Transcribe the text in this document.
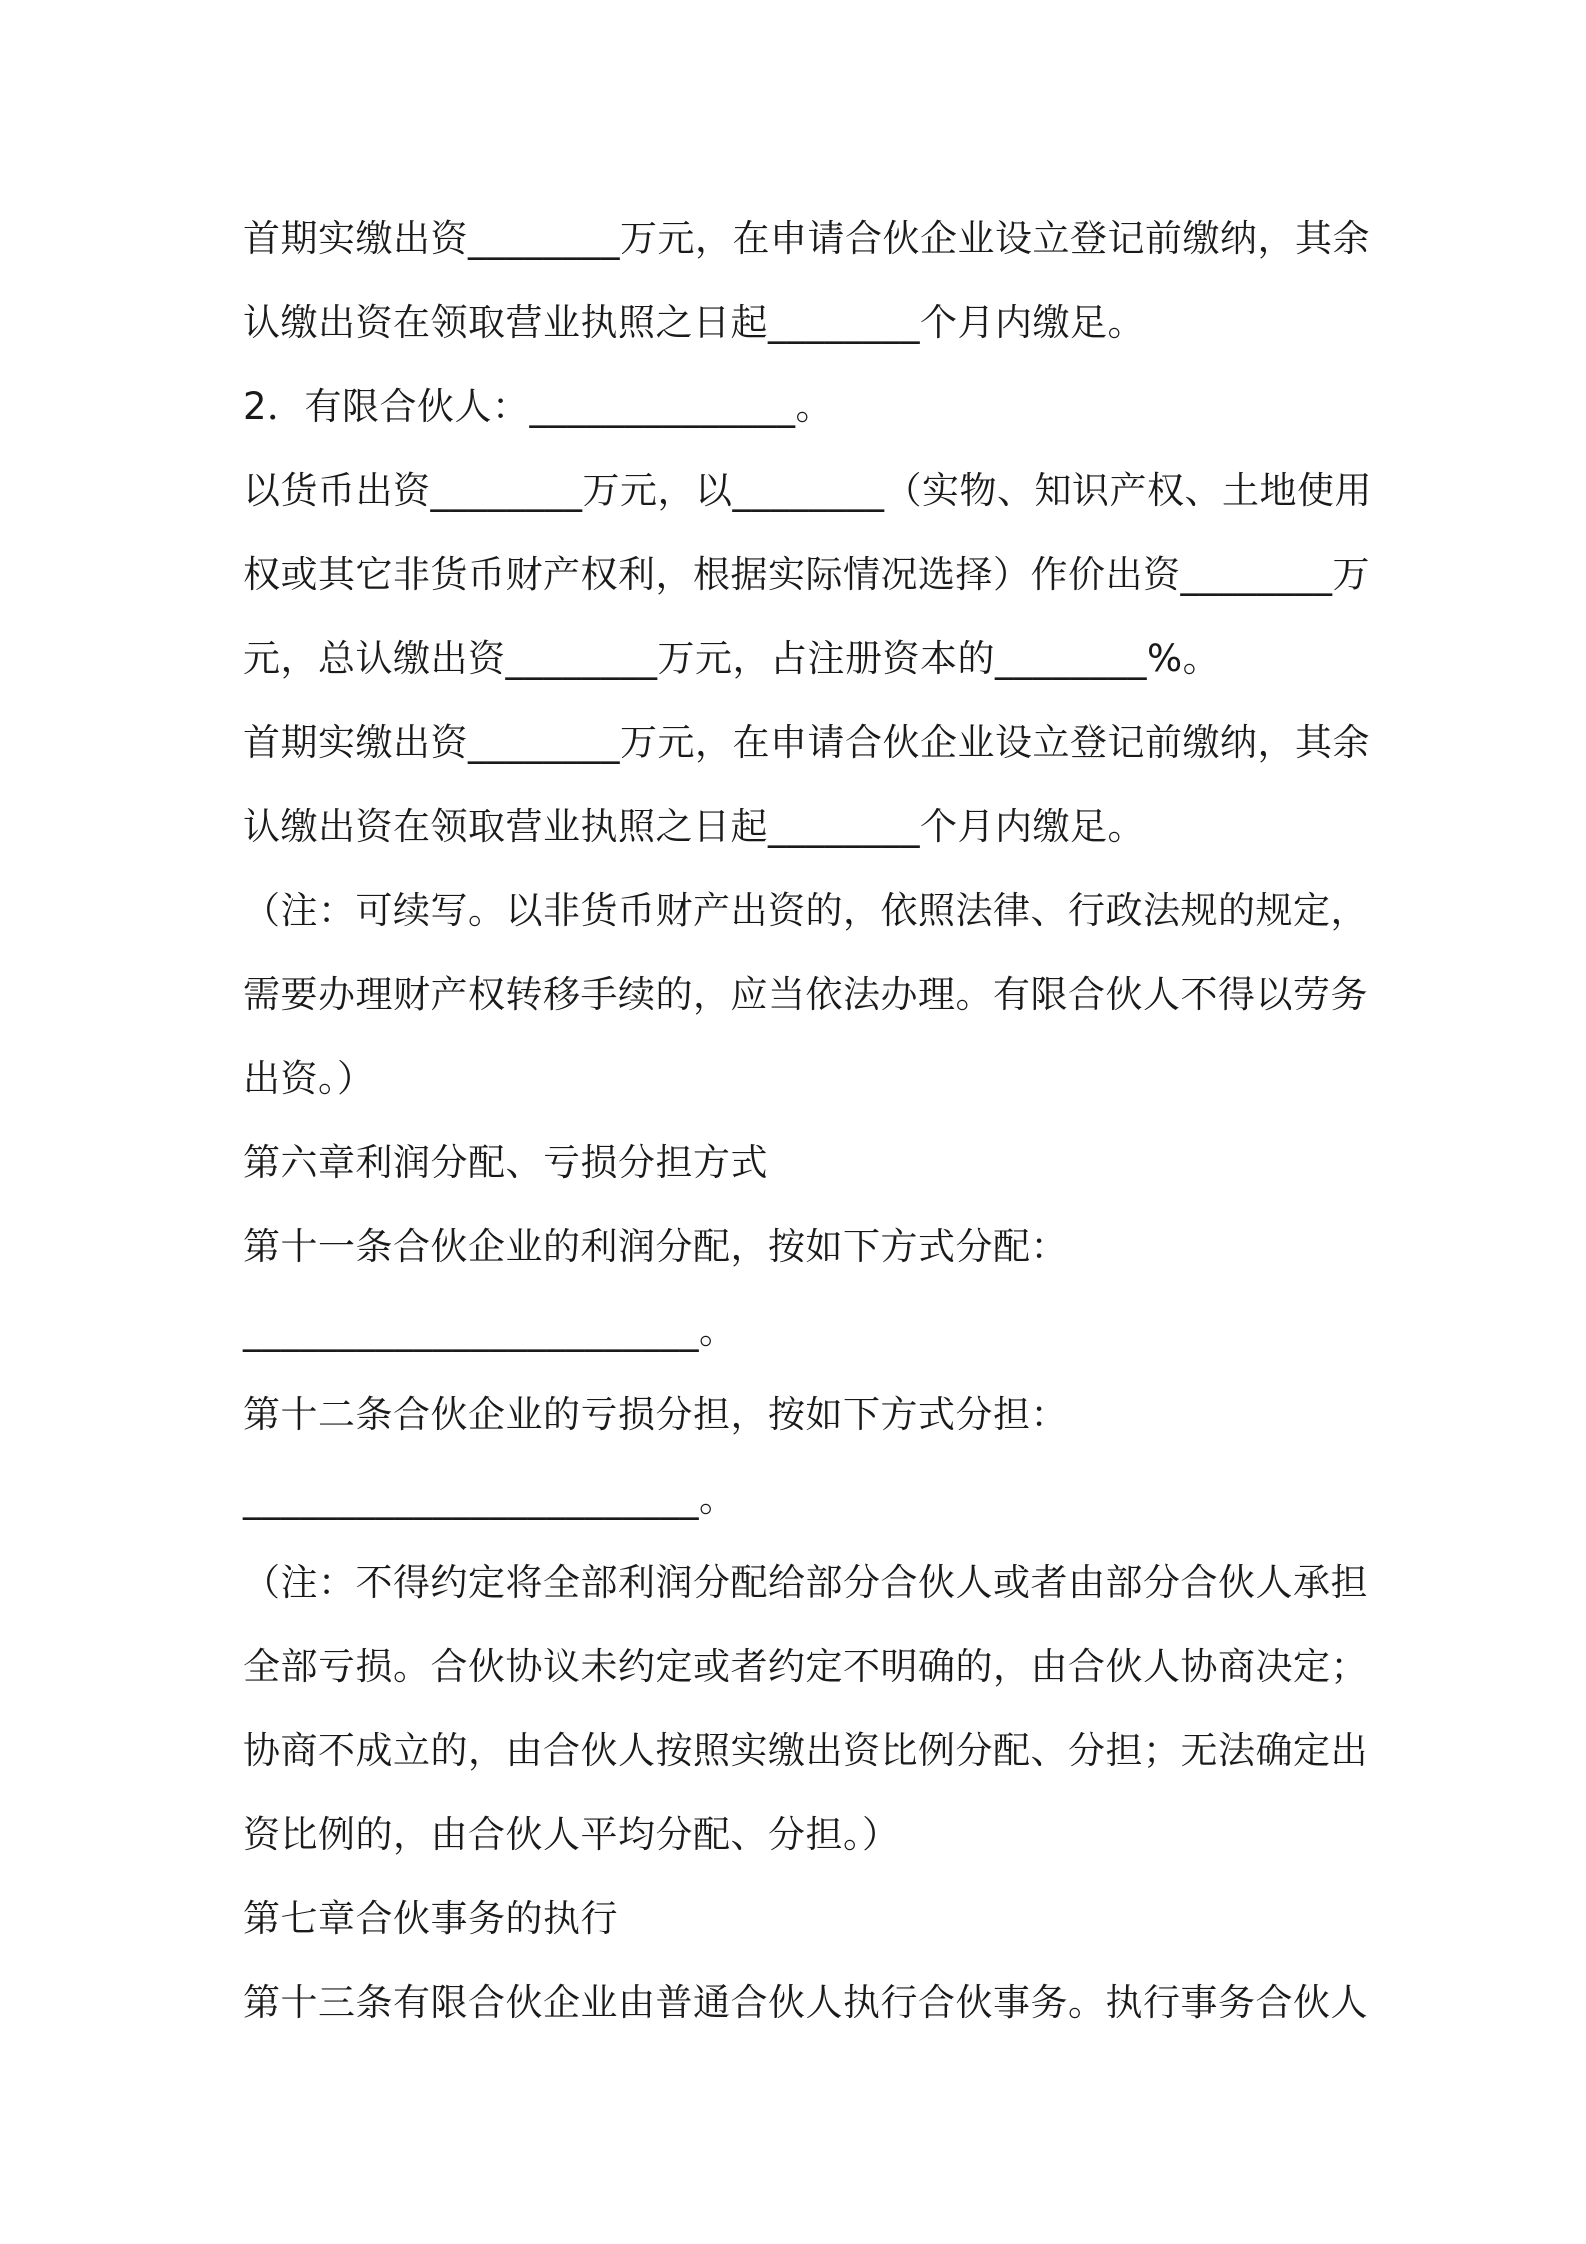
首期实缴出资________万元，在申请合伙企业设立登记前缴纳，其余
认缴出资在领取营业执照之日起________个月内缴足。
2．有限合伙人：______________。
以货币出资________万元，以________（实物、知识产权、土地使用
权或其它非货币财产权利，根据实际情况选择）作价出资________万
元，总认缴出资________万元，占注册资本的________%。
首期实缴出资________万元，在申请合伙企业设立登记前缴纳，其余
认缴出资在领取营业执照之日起________个月内缴足。
（注：可续写。以非货币财产出资的，依照法律、行政法规的规定，
需要办理财产权转移手续的，应当依法办理。有限合伙人不得以劳务
出资。）
第六章利润分配、亏损分担方式
第十一条合伙企业的利润分配，按如下方式分配：
________________________。
第十二条合伙企业的亏损分担，按如下方式分担：
________________________。
（注：不得约定将全部利润分配给部分合伙人或者由部分合伙人承担
全部亏损。合伙协议未约定或者约定不明确的，由合伙人协商决定；
协商不成立的，由合伙人按照实缴出资比例分配、分担；无法确定出
资比例的，由合伙人平均分配、分担。）
第七章合伙事务的执行
第十三条有限合伙企业由普通合伙人执行合伙事务。执行事务合伙人
